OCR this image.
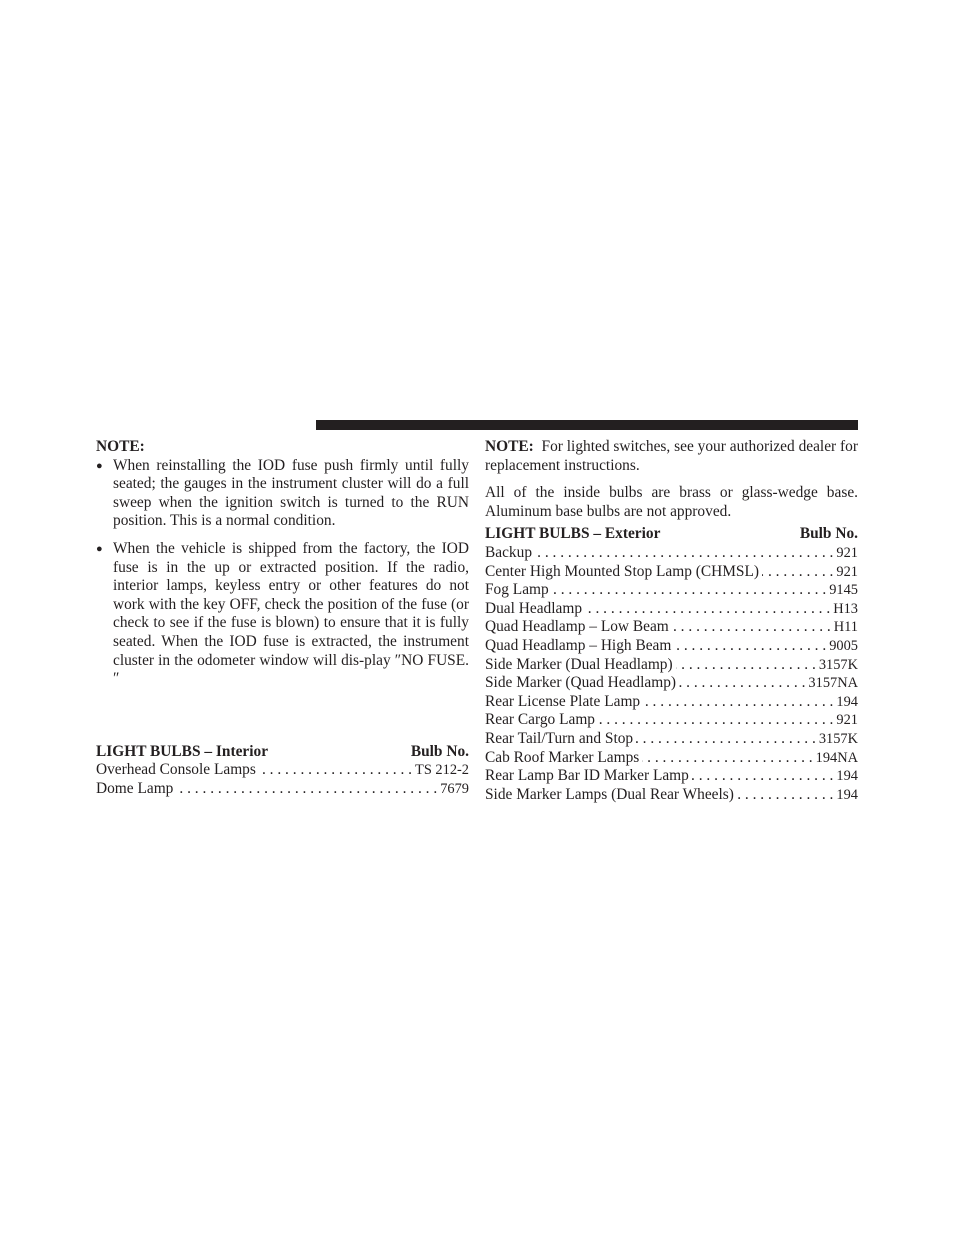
NOTE:
● When reinstalling the IOD fuse push firmly until fully seated; the gauges in the instrument cluster will do a full sweep when the ignition switch is turned to the RUN position. This is a normal condition.
● When the vehicle is shipped from the factory, the IOD fuse is in the up or extracted position. If the radio, interior lamps, keyless entry or other features do not work with the key OFF, check the position of the fuse (or check to see if the fuse is blown) to ensure that it is fully seated. When the IOD fuse is extracted, the instrument cluster in the odometer window will dis-play ″NO FUSE.″
LIGHT BULBS – Interior	Bulb No.
Overhead Console Lamps . . .	TS 212-2
Dome Lamp . . .	7679

NOTE: For lighted switches, see your authorized dealer for replacement instructions.

All of the inside bulbs are brass or glass-wedge base. Aluminum base bulbs are not approved.

LIGHT BULBS – Exterior	Bulb No.
Backup . . .	921
Center High Mounted Stop Lamp (CHMSL) . . .	921
Fog Lamp . . .	9145
Dual Headlamp . . .	H13
Quad Headlamp – Low Beam . . .	H11
Quad Headlamp – High Beam . . .	9005
Side Marker (Dual Headlamp) . . .	3157K
Side Marker (Quad Headlamp) . . .	3157NA
Rear License Plate Lamp . . .	194
Rear Cargo Lamp . . .	921
Rear Tail/Turn and Stop . . .	3157K
Cab Roof Marker Lamps . . .	194NA
Rear Lamp Bar ID Marker Lamp . . .	194
Side Marker Lamps (Dual Rear Wheels) . . .	194
